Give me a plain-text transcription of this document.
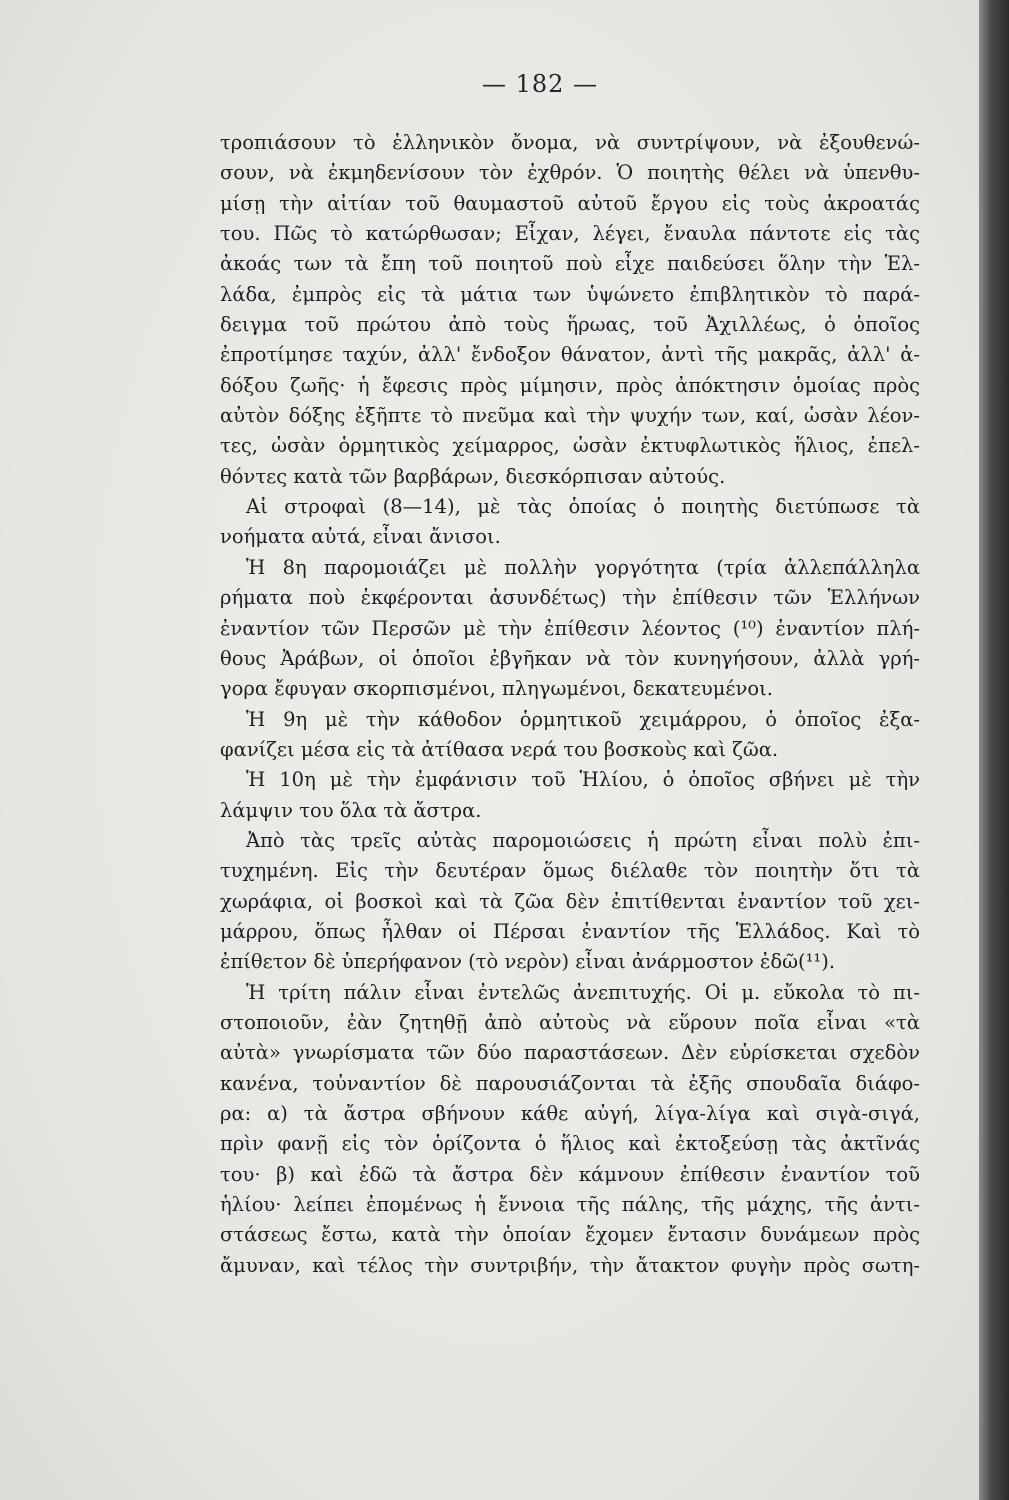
— 182 —
τροπιάσουν τὸ ἑλληνικὸν ὄνομα, νὰ συντρίψουν, νὰ ἐξουθενώ-
σουν, νὰ ἐκμηδενίσουν τὸν ἐχθρόν. Ὁ ποιητὴς θέλει νὰ ὑπενθυ-
μίσῃ τὴν αἰτίαν τοῦ θαυμαστοῦ αὐτοῦ ἔργου εἰς τοὺς ἀκροατάς
του. Πῶς τὸ κατώρθωσαν; Εἶχαν, λέγει, ἔναυλα πάντοτε εἰς τὰς
ἀκοάς των τὰ ἔπη τοῦ ποιητοῦ ποὺ εἶχε παιδεύσει ὅλην τὴν Ἑλ-
λάδα, ἐμπρὸς εἰς τὰ μάτια των ὑψώνετο ἐπιβλητικὸν τὸ παρά-
δειγμα τοῦ πρώτου ἀπὸ τοὺς ἥρωας, τοῦ Ἀχιλλέως, ὁ ὁποῖος
ἐπροτίμησε ταχύν, ἀλλ' ἔνδοξον θάνατον, ἀντὶ τῆς μακρᾶς, ἀλλ' ἀ-
δόξου ζωῆς· ἡ ἔφεσις πρὸς μίμησιν, πρὸς ἀπόκτησιν ὁμοίας πρὸς
αὐτὸν δόξης ἐξῆπτε τὸ πνεῦμα καὶ τὴν ψυχήν των, καί, ὡσὰν λέον-
τες, ὡσὰν ὁρμητικὸς χείμαρρος, ὡσὰν ἐκτυφλωτικὸς ἥλιος, ἐπελ-
θόντες κατὰ τῶν βαρβάρων, διεσκόρπισαν αὐτούς.
Αἱ στροφαὶ (8—14), μὲ τὰς ὁποίας ὁ ποιητὴς διετύπωσε τὰ
νοήματα αὐτά, εἶναι ἄνισοι.
Ἡ 8η παρομοιάζει μὲ πολλὴν γοργότητα (τρία ἀλλεπάλληλα
ρήματα ποὺ ἐκφέρονται ἀσυνδέτως) τὴν ἐπίθεσιν τῶν Ἑλλήνων
ἐναντίον τῶν Περσῶν μὲ τὴν ἐπίθεσιν λέοντος (¹⁰) ἐναντίον πλή-
θους Ἀράβων, οἱ ὁποῖοι ἐβγῆκαν νὰ τὸν κυνηγήσουν, ἀλλὰ γρή-
γορα ἔφυγαν σκορπισμένοι, πληγωμένοι, δεκατευμένοι.
Ἡ 9η μὲ τὴν κάθοδον ὁρμητικοῦ χειμάρρου, ὁ ὁποῖος ἐξα-
φανίζει μέσα εἰς τὰ ἀτίθασα νερά του βοσκοὺς καὶ ζῶα.
Ἡ 10η μὲ τὴν ἐμφάνισιν τοῦ Ἡλίου, ὁ ὁποῖος σβήνει μὲ τὴν
λάμψιν του ὅλα τὰ ἄστρα.
Ἀπὸ τὰς τρεῖς αὐτὰς παρομοιώσεις ἡ πρώτη εἶναι πολὺ ἐπι-
τυχημένη. Εἰς τὴν δευτέραν ὅμως διέλαθε τὸν ποιητὴν ὅτι τὰ
χωράφια, οἱ βοσκοὶ καὶ τὰ ζῶα δὲν ἐπιτίθενται ἐναντίον τοῦ χει-
μάρρου, ὅπως ἦλθαν οἱ Πέρσαι ἐναντίον τῆς Ἑλλάδος. Καὶ τὸ
ἐπίθετον δὲ ὑπερήφανον (τὸ νερὸν) εἶναι ἀνάρμοστον ἐδῶ(¹¹).
Ἡ τρίτη πάλιν εἶναι ἐντελῶς ἀνεπιτυχής. Οἱ μ. εὔκολα τὸ πι-
στοποιοῦν, ἐὰν ζητηθῇ ἀπὸ αὐτοὺς νὰ εὕρουν ποῖα εἶναι «τὰ
αὐτὰ» γνωρίσματα τῶν δύο παραστάσεων. Δὲν εὑρίσκεται σχεδὸν
κανένα, τοὐναντίον δὲ παρουσιάζονται τὰ ἑξῆς σπουδαῖα διάφο-
ρα: α) τὰ ἄστρα σβήνουν κάθε αὐγή, λίγα-λίγα καὶ σιγὰ-σιγά,
πρὶν φανῇ εἰς τὸν ὁρίζοντα ὁ ἥλιος καὶ ἐκτοξεύσῃ τὰς ἀκτῖνάς
του· β) καὶ ἐδῶ τὰ ἄστρα δὲν κάμνουν ἐπίθεσιν ἐναντίον τοῦ
ἡλίου· λείπει ἐπομένως ἡ ἔννοια τῆς πάλης, τῆς μάχης, τῆς ἀντι-
στάσεως ἔστω, κατὰ τὴν ὁποίαν ἔχομεν ἔντασιν δυνάμεων πρὸς
ἄμυναν, καὶ τέλος τὴν συντριβήν, τὴν ἄτακτον φυγὴν πρὸς σωτη-
